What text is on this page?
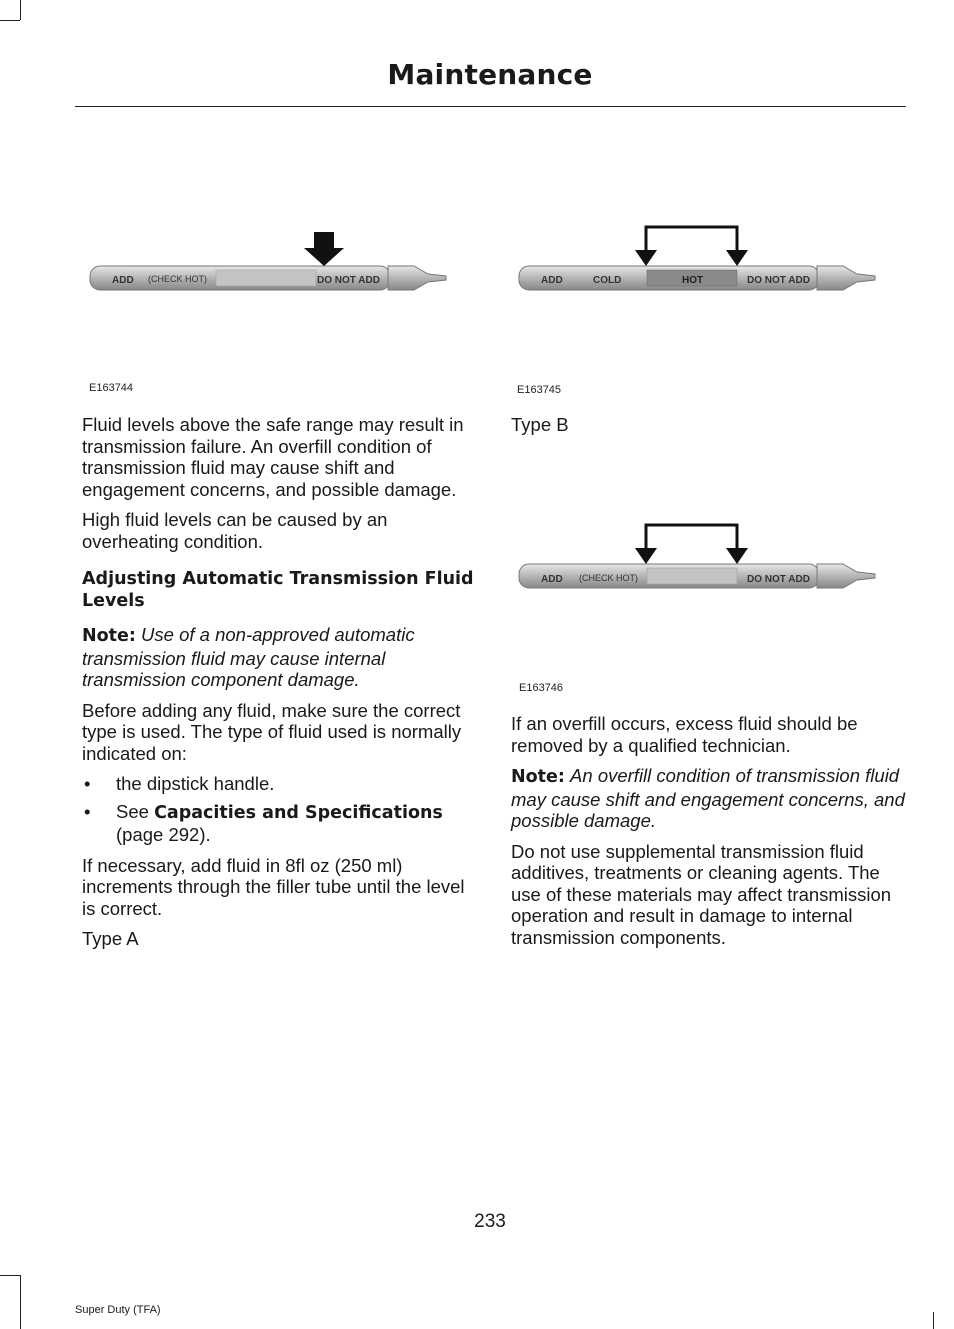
Maintenance
ADD (CHECK HOT)	DO NOT ADD
E163744
ADD	COLD	HOT	DO NOT ADD
E163745
ADD (CHECK HOT)	DO NOT ADD
E163746

Fluid levels above the safe range may result in transmission failure. An overfill condition of transmission fluid may cause shift and engagement concerns, and possible damage.

High fluid levels can be caused by an overheating condition.

Adjusting Automatic Transmission Fluid Levels

Note: Use of a non-approved automatic transmission fluid may cause internal transmission component damage.

Before adding any fluid, make sure the correct type is used. The type of fluid used is normally indicated on:

• the dipstick handle.
• See Capacities and Specifications (page 292).

If necessary, add fluid in 8fl oz (250 ml) increments through the filler tube until the level is correct.

Type A

Type B

If an overfill occurs, excess fluid should be removed by a qualified technician.

Note: An overfill condition of transmission fluid may cause shift and engagement concerns, and possible damage.

Do not use supplemental transmission fluid additives, treatments or cleaning agents. The use of these materials may affect transmission operation and result in damage to internal transmission components.

233
Super Duty (TFA)
